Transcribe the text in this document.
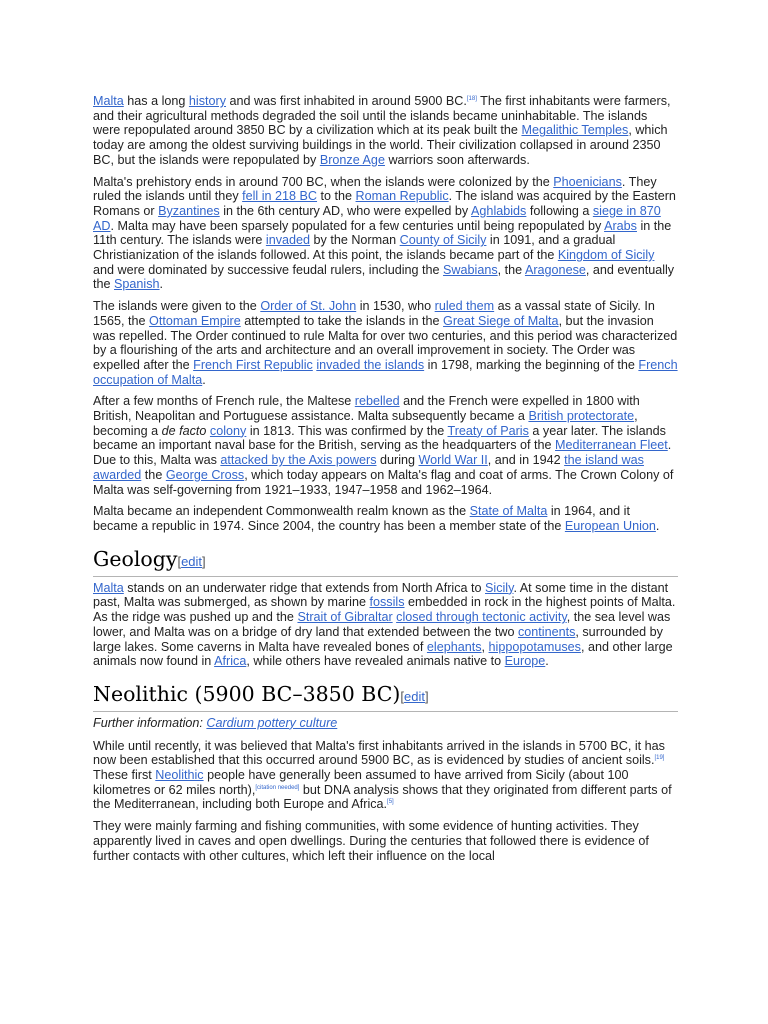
Malta has a long history and was first inhabited in around 5900 BC.[18] The first inhabitants were farmers, and their agricultural methods degraded the soil until the islands became uninhabitable. The islands were repopulated around 3850 BC by a civilization which at its peak built the Megalithic Temples, which today are among the oldest surviving buildings in the world. Their civilization collapsed in around 2350 BC, but the islands were repopulated by Bronze Age warriors soon afterwards.

Malta's prehistory ends in around 700 BC, when the islands were colonized by the Phoenicians. They ruled the islands until they fell in 218 BC to the Roman Republic. The island was acquired by the Eastern Romans or Byzantines in the 6th century AD, who were expelled by Aghlabids following a siege in 870 AD. Malta may have been sparsely populated for a few centuries until being repopulated by Arabs in the 11th century. The islands were invaded by the Norman County of Sicily in 1091, and a gradual Christianization of the islands followed. At this point, the islands became part of the Kingdom of Sicily and were dominated by successive feudal rulers, including the Swabians, the Aragonese, and eventually the Spanish.

The islands were given to the Order of St. John in 1530, who ruled them as a vassal state of Sicily. In 1565, the Ottoman Empire attempted to take the islands in the Great Siege of Malta, but the invasion was repelled. The Order continued to rule Malta for over two centuries, and this period was characterized by a flourishing of the arts and architecture and an overall improvement in society. The Order was expelled after the French First Republic invaded the islands in 1798, marking the beginning of the French occupation of Malta.

After a few months of French rule, the Maltese rebelled and the French were expelled in 1800 with British, Neapolitan and Portuguese assistance. Malta subsequently became a British protectorate, becoming a de facto colony in 1813. This was confirmed by the Treaty of Paris a year later. The islands became an important naval base for the British, serving as the headquarters of the Mediterranean Fleet. Due to this, Malta was attacked by the Axis powers during World War II, and in 1942 the island was awarded the George Cross, which today appears on Malta's flag and coat of arms. The Crown Colony of Malta was self-governing from 1921–1933, 1947–1958 and 1962–1964.

Malta became an independent Commonwealth realm known as the State of Malta in 1964, and it became a republic in 1974. Since 2004, the country has been a member state of the European Union.

Geology[edit]

Malta stands on an underwater ridge that extends from North Africa to Sicily. At some time in the distant past, Malta was submerged, as shown by marine fossils embedded in rock in the highest points of Malta. As the ridge was pushed up and the Strait of Gibraltar closed through tectonic activity, the sea level was lower, and Malta was on a bridge of dry land that extended between the two continents, surrounded by large lakes. Some caverns in Malta have revealed bones of elephants, hippopotamuses, and other large animals now found in Africa, while others have revealed animals native to Europe.

Neolithic (5900 BC–3850 BC)[edit]
Further information: Cardium pottery culture

While until recently, it was believed that Malta's first inhabitants arrived in the islands in 5700 BC, it has now been established that this occurred around 5900 BC, as is evidenced by studies of ancient soils.[19] These first Neolithic people have generally been assumed to have arrived from Sicily (about 100 kilometres or 62 miles north),[citation needed] but DNA analysis shows that they originated from different parts of the Mediterranean, including both Europe and Africa.[5]

They were mainly farming and fishing communities, with some evidence of hunting activities. They apparently lived in caves and open dwellings. During the centuries that followed there is evidence of further contacts with other cultures, which left their influence on the local
